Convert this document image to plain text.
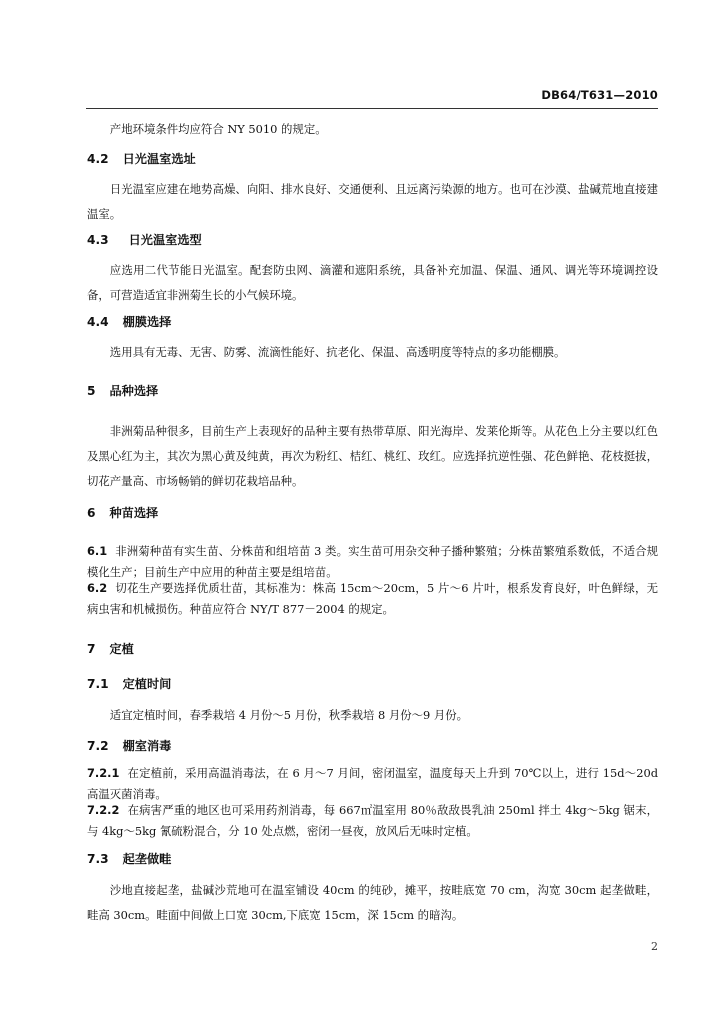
DB64/T631—2010
产地环境条件均应符合 NY 5010 的规定。
4.2 日光温室选址
日光温室应建在地势高燥、向阳、排水良好、交通便利、且远离污染源的地方。也可在沙漠、盐碱荒地直接建温室。
4.3 日光温室选型
应选用二代节能日光温室。配套防虫网、滴灌和遮阳系统，具备补充加温、保温、通风、调光等环境调控设备，可营造适宜非洲菊生长的小气候环境。
4.4 棚膜选择
选用具有无毒、无害、防雾、流滴性能好、抗老化、保温、高透明度等特点的多功能棚膜。
5 品种选择
非洲菊品种很多，目前生产上表现好的品种主要有热带草原、阳光海岸、发莱伦斯等。从花色上分主要以红色及黑心红为主，其次为黑心黄及纯黄，再次为粉红、桔红、桃红、玫红。应选择抗逆性强、花色鲜艳、花枝挺拔，切花产量高、市场畅销的鲜切花栽培品种。
6 种苗选择
6.1 非洲菊种苗有实生苗、分株苗和组培苗 3 类。实生苗可用杂交种子播种繁殖；分株苗繁殖系数低，不适合规模化生产；目前生产中应用的种苗主要是组培苗。
6.2 切花生产要选择优质壮苗，其标准为：株高 15cm～20cm，5 片～6 片叶，根系发育良好，叶色鲜绿，无病虫害和机械损伤。种苗应符合 NY/T 877－2004 的规定。
7 定植
7.1 定植时间
适宜定植时间，春季栽培 4 月份～5 月份，秋季栽培 8 月份～9 月份。
7.2 棚室消毒
7.2.1 在定植前，采用高温消毒法，在 6 月～7 月间，密闭温室，温度每天上升到 70℃以上，进行 15d～20d 高温灭菌消毒。
7.2.2 在病害严重的地区也可采用药剂消毒，每 667㎡温室用 80％敌敌畏乳油 250ml 拌土 4kg～5kg 锯末，与 4kg～5kg 氰硫粉混合，分 10 处点燃，密闭一昼夜，放风后无味时定植。
7.3 起垄做畦
沙地直接起垄，盐碱沙荒地可在温室铺设 40cm 的纯砂，摊平，按畦底宽 70 cm，沟宽 30cm 起垄做畦，畦高 30cm。畦面中间做上口宽 30cm,下底宽 15cm，深 15cm 的暗沟。
2
